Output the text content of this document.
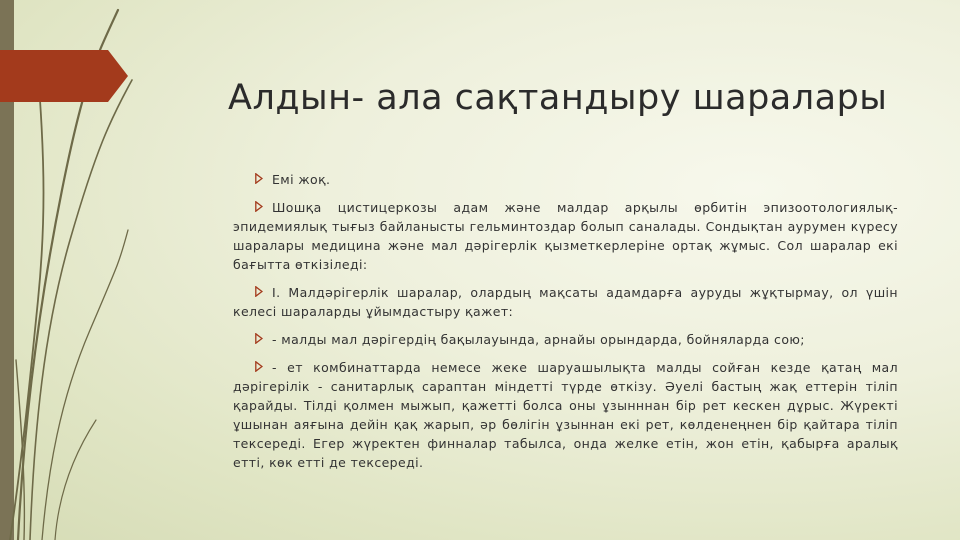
Алдын- ала сақтандыру шаралары

Емі жоқ.

Шошқа цистицеркозы адам және малдар арқылы өрбитін эпизоотологиялық-эпидемиялық тығыз байланысты гельминтоздар болып саналады. Сондықтан аурумен күресу шаралары медицина және мал дәрігерлік қызметкерлеріне ортақ жұмыс. Сол шаралар екі бағытта өткізіледі:

І. Малдәрігерлік шаралар, олардың мақсаты адамдарға ауруды жұқтырмау, ол үшін келесі шараларды ұйымдастыру қажет:

- малды мал дәрігердің бақылауында, арнайы орындарда, бойняларда сою;

- ет комбинаттарда немесе жеке шаруашылықта малды сойған кезде қатаң мал дәрігерілік - санитарлық сараптан міндетті түрде өткізу. Әуелі бастың жақ еттерін тіліп қарайды. Тілді қолмен мыжып, қажетті болса оны ұзынннан бір рет кескен дұрыс. Жүректі ұшынан аяғына дейін қақ жарып, әр бөлігін ұзыннан екі рет, көлденеңнен бір қайтара тіліп тексереді. Егер жүректен финналар табылса, онда желке етін, жон етін, қабырға аралық етті, көк етті де тексереді.
